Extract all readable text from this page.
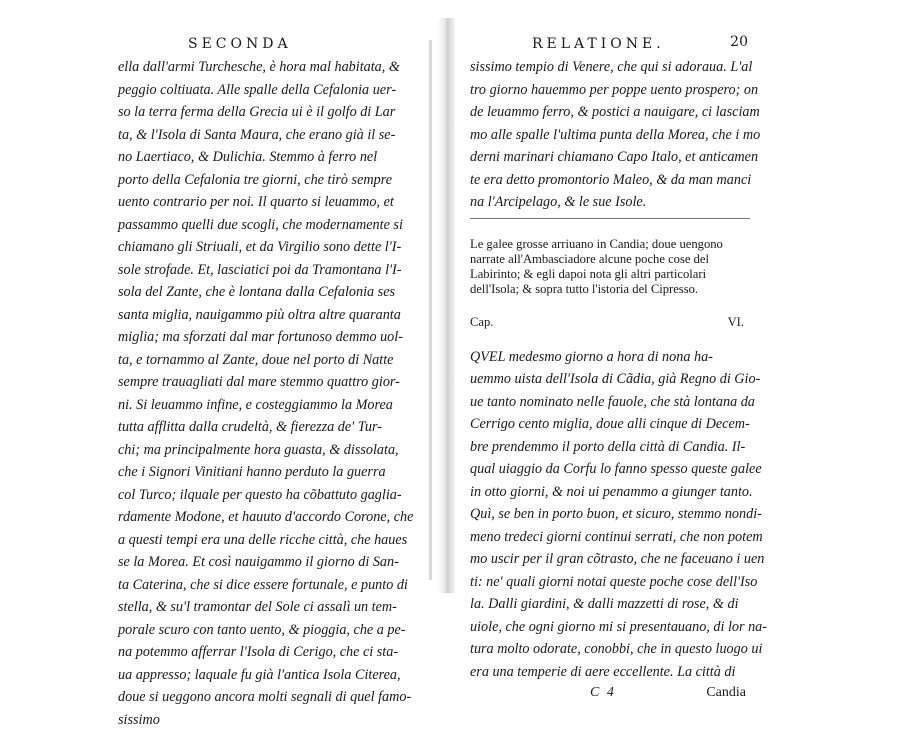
SECONDA
ella dall'armi Turchesche, è hora mal habitata, &
peggio coltiuata. Alle spalle della Cefalonia uer-
so la terra ferma della Grecia ui è il golfo di Lar
ta, & l'Isola di Santa Maura, che erano già il se-
no Laertiaco, & Dulichia. Stemmo à ferro nel
porto della Cefalonia tre giorni, che tirò sempre
uento contrario per noi. Il quarto si leuammo, et
passammo quelli due scogli, che modernamente si
chiamano gli Striuali, et da Virgilio sono dette l'I-
sole strofade. Et, lasciatici poi da Tramontana l'I-
sola del Zante, che è lontana dalla Cefalonia ses
santa miglia, nauigammo più oltra altre quaranta
miglia; ma sforzati dal mar fortunoso demmo uol-
ta, e tornammo al Zante, doue nel porto di Natte
sempre trauagliati dal mare stemmo quattro gior-
ni. Si leuammo infine, e costeggiammo la Morea
tutta afflitta dalla crudeltà, & fierezza de' Tur-
chi; ma principalmente hora guasta, & dissolata,
che i Signori Vinitiani hanno perduto la guerra
col Turco; ilquale per questo ha cõbattuto gaglia-
rdamente Modone, et hauuto d'accordo Corone, che
a questi tempi era una delle ricche città, che haues
se la Morea. Et così nauigammo il giorno di San-
ta Caterina, che si dice essere fortunale, e punto di
stella, & su'l tramontar del Sole ci assalì un tem-
porale scuro con tanto uento, & pioggia, che a pe-
na potemmo afferrar l'Isola di Cerigo, che ci sta-
ua appresso; laquale fu già l'antica Isola Citerea,
doue si ueggono ancora molti segnali di quel famo-
sissimo
RELATIONE.	20
sissimo tempio di Venere, che qui si adoraua. L'al
tro giorno hauemmo per poppe uento prospero; on
de leuammo ferro, & postici a nauigare, ci lasciam
mo alle spalle l'ultima punta della Morea, che i mo
derni marinari chiamano Capo Italo, et anticamen
te era detto promontorio Maleo, & da man manci
na l'Arcipelago, & le sue Isole.
Le galee grosse arriuano in Candia; doue uengono
narrate all'Ambasciadore alcune poche cose del
Labirinto; & egli dapoi nota gli altri particolari
dell'Isola; & sopra tutto l'istoria del Cipresso.
Cap.	VI.
QVEL medesmo giorno a hora di nona ha-
uemmo uista dell'Isola di Cãdia, già Regno di Gio-
ue tanto nominato nelle fauole, che stà lontana da
Cerrigo cento miglia, doue alli cinque di Decem-
bre prendemmo il porto della città di Candia. Il-
qual uiaggio da Corfu lo fanno spesso queste galee
in otto giorni, & noi ui penammo a giunger tanto.
Quì, se ben in porto buon, et sicuro, stemmo nondi-
meno tredeci giorni continui serrati, che non potem
mo uscir per il gran cõtrasto, che ne faceuano i uen
ti: ne' quali giorni notai queste poche cose dell'Iso
la. Dalli giardini, & dalli mazzetti di rose, & di
uiole, che ogni giorno mi si presentauano, di lor na-
tura molto odorate, conobbi, che in questo luogo ui
era una temperie di aere eccellente. La città di
C 4	Candia
